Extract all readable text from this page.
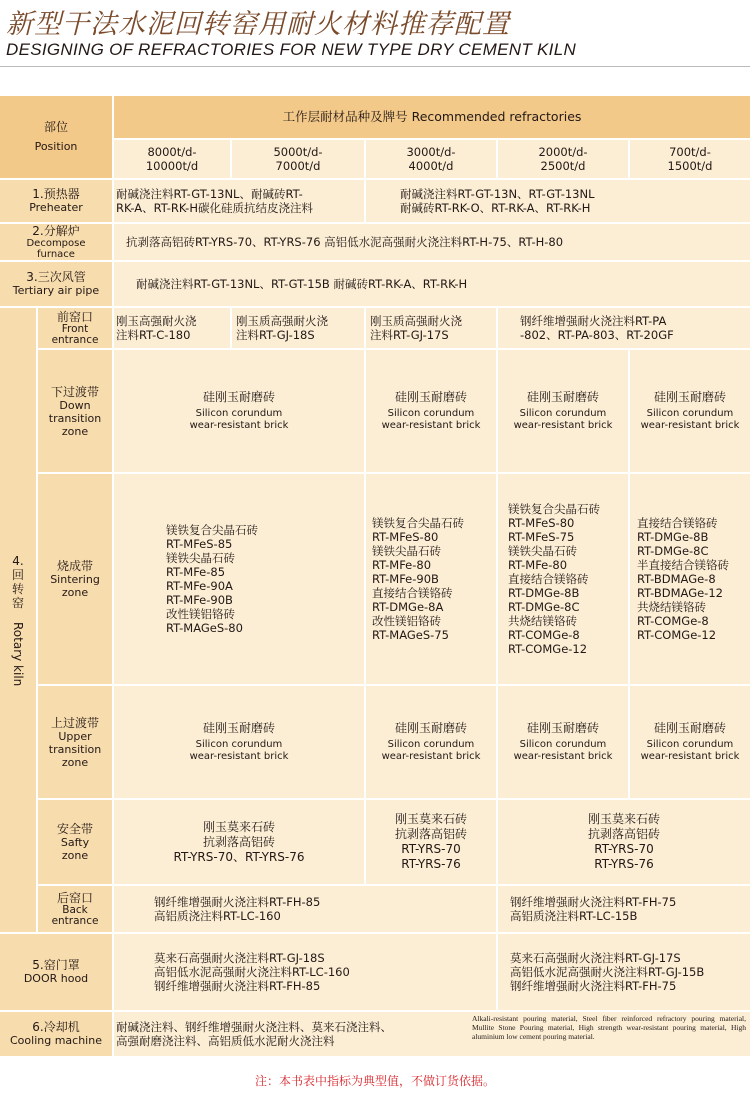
新型干法水泥回转窑用耐火材料推荐配置
DESIGNING OF REFRACTORIES FOR NEW TYPE DRY CEMENT KILN
部位
Position
工作层耐材品种及牌号 Recommended refractories
8000t/d-
10000t/d
5000t/d-
7000t/d
3000t/d-
4000t/d
2000t/d-
2500t/d
700t/d-
1500t/d
1.预热器
Preheater
耐碱浇注料RT-GT-13NL、耐碱砖RT-
RK-A、RT-RK-H碳化硅质抗结皮浇注料
耐碱浇注料RT-GT-13N、RT-GT-13NL
耐碱砖RT-RK-O、RT-RK-A、RT-RK-H
2.分解炉
Decompose
furnace
抗剥落高铝砖RT-YRS-70、RT-YRS-76 高铝低水泥高强耐火浇注料RT-H-75、RT-H-80
3.三次风管
Tertiary air pipe	耐碱浇注料RT-GT-13NL、RT-GT-15B 耐碱砖RT-RK-A、RT-RK-H
4.
回
转
窑
Rotary kiln
前窑口
Front
entrance
刚玉高强耐火浇
注料RT-C-180
刚玉质高强耐火浇
注料RT-GJ-18S
刚玉质高强耐火浇
注料RT-GJ-17S
钢纤维增强耐火浇注料RT-PA
-802、RT-PA-803、RT-20GF
下过渡带
Down
transition
zone
硅刚玉耐磨砖
Silicon corundum
wear-resistant brick
硅刚玉耐磨砖
Silicon corundum
wear-resistant brick
硅刚玉耐磨砖
Silicon corundum
wear-resistant brick
硅刚玉耐磨砖
Silicon corundum
wear-resistant brick
烧成带
Sintering
zone
镁铁复合尖晶石砖
RT-MFeS-85
镁铁尖晶石砖
RT-MFe-85
RT-MFe-90A
RT-MFe-90B
改性镁铝铬砖
RT-MAGeS-80
镁铁复合尖晶石砖
RT-MFeS-80
镁铁尖晶石砖
RT-MFe-80
RT-MFe-90B
直接结合镁铬砖
RT-DMGe-8A
改性镁铝铬砖
RT-MAGeS-75
镁铁复合尖晶石砖
RT-MFeS-80
RT-MFeS-75
镁铁尖晶石砖
RT-MFe-80
直接结合镁铬砖
RT-DMGe-8B
RT-DMGe-8C
共烧结镁铬砖
RT-COMGe-8
RT-COMGe-12
直接结合镁铬砖
RT-DMGe-8B
RT-DMGe-8C
半直接结合镁铬砖
RT-BDMAGe-8
RT-BDMAGe-12
共烧结镁铬砖
RT-COMGe-8
RT-COMGe-12
上过渡带
Upper
transition
zone
硅刚玉耐磨砖
Silicon corundum
wear-resistant brick
硅刚玉耐磨砖
Silicon corundum
wear-resistant brick
硅刚玉耐磨砖
Silicon corundum
wear-resistant brick
硅刚玉耐磨砖
Silicon corundum
wear-resistant brick
安全带
Safty
zone
刚玉莫来石砖
抗剥落高铝砖
RT-YRS-70、RT-YRS-76
刚玉莫来石砖
抗剥落高铝砖
RT-YRS-70
RT-YRS-76
刚玉莫来石砖
抗剥落高铝砖
RT-YRS-70
RT-YRS-76
后窑口
Back
entrance
钢纤维增强耐火浇注料RT-FH-85
高铝质浇注料RT-LC-160
钢纤维增强耐火浇注料RT-FH-75
高铝质浇注料RT-LC-15B
5.窑门罩
DOOR hood
莫来石高强耐火浇注料RT-GJ-18S
高铝低水泥高强耐火浇注料RT-LC-160
钢纤维增强耐火浇注料RT-FH-85
莫来石高强耐火浇注料RT-GJ-17S
高铝低水泥高强耐火浇注料RT-GJ-15B
钢纤维增强耐火浇注料RT-FH-75
6.冷却机
Cooling machine
耐碱浇注料、钢纤维增强耐火浇注料、莫来石浇注料、
高强耐磨浇注料、高铝质低水泥耐火浇注料
Alkali-resistant pouring material, Steel fiber reinforced refractory pouring material, Mullite Stone Pouring material, High strength wear-resistant pouring material, High aluminium low cement pouring material.
注：本书表中指标为典型值，不做订货依据。
